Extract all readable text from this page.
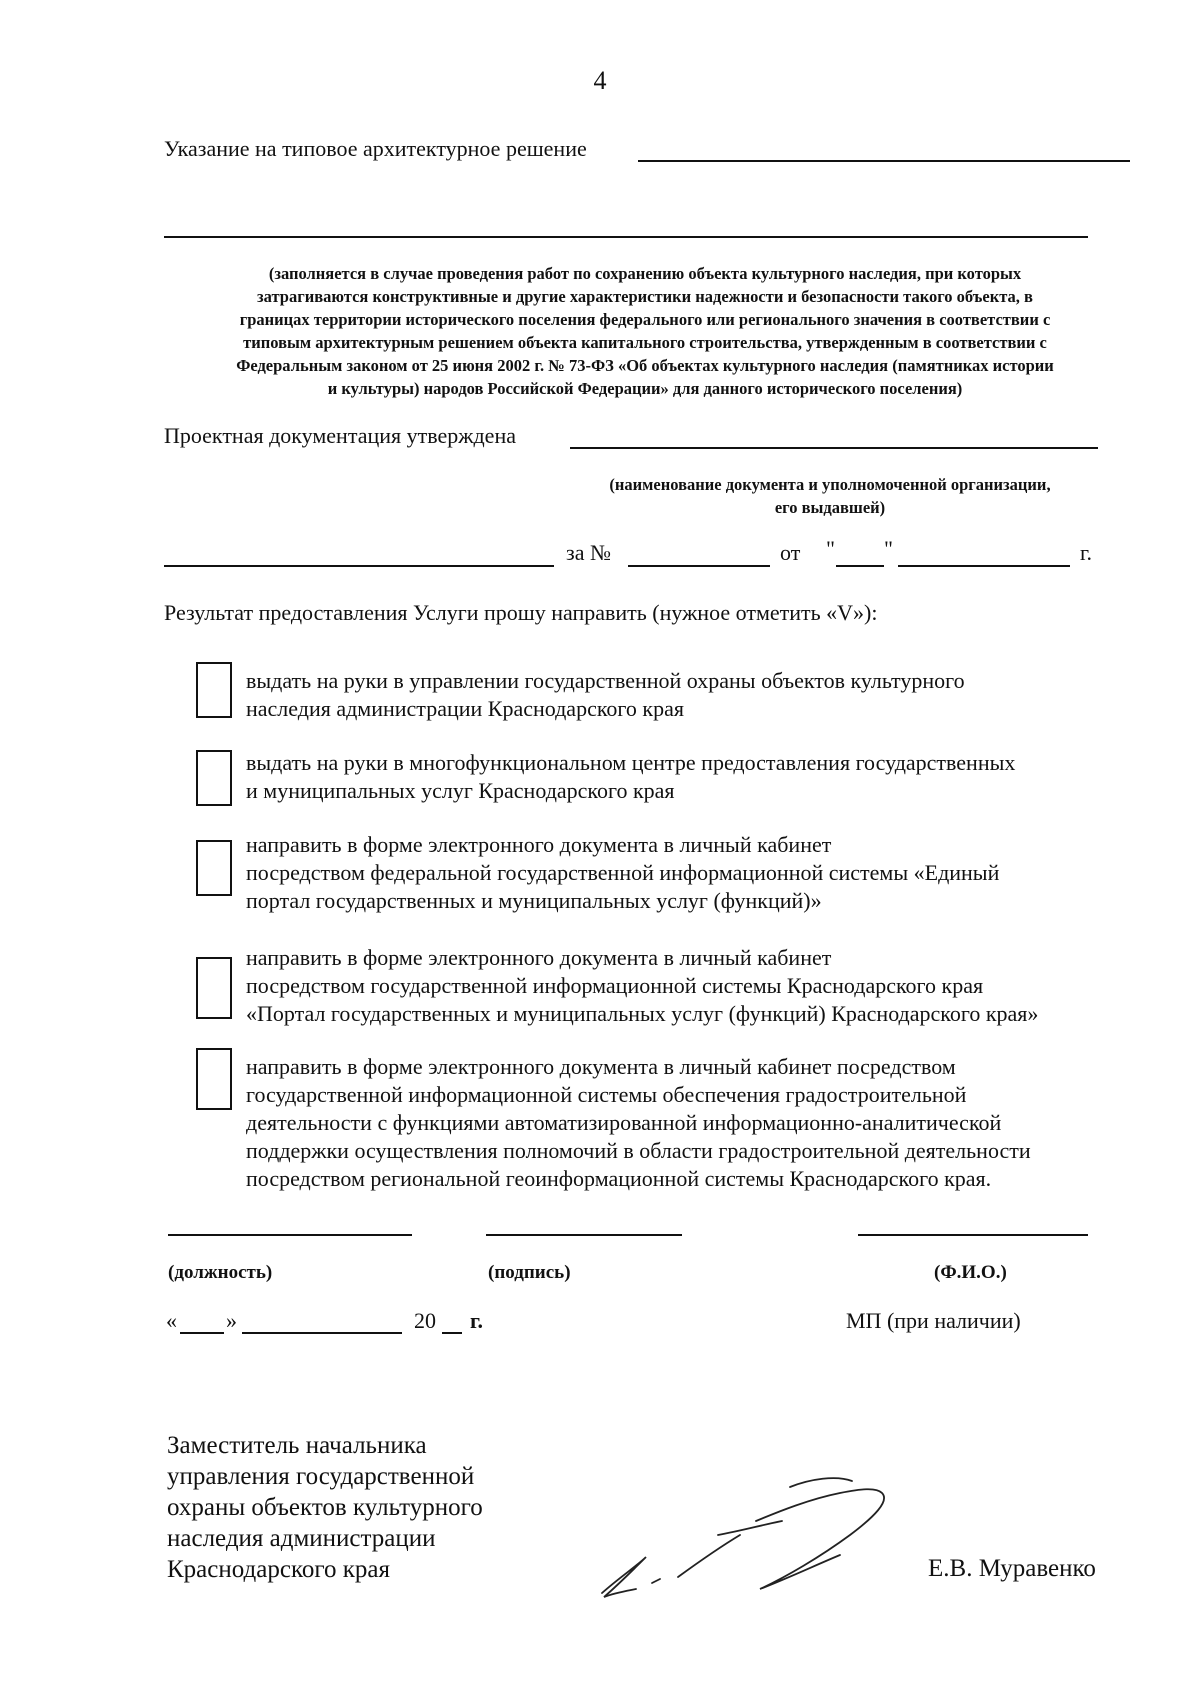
4
Указание на типовое архитектурное решение
(заполняется в случае проведения работ по сохранению объекта культурного наследия, при которых
затрагиваются конструктивные и другие характеристики надежности и безопасности такого объекта, в
границах территории исторического поселения федерального или регионального значения в соответствии с
типовым архитектурным решением объекта капитального строительства, утвержденным в соответствии с
Федеральным законом от 25 июня 2002 г. № 73-ФЗ «Об объектах культурного наследия (памятниках истории
и культуры) народов Российской Федерации» для данного исторического поселения)
Проектная документация утверждена
(наименование документа и уполномоченной организации,
его выдавшей)
за №	от " "	г.
Результат предоставления Услуги прошу направить (нужное отметить «V»):
выдать на руки в управлении государственной охраны объектов культурного
наследия администрации Краснодарского края
выдать на руки в многофункциональном центре предоставления государственных
и муниципальных услуг Краснодарского края
направить в форме электронного документа в личный кабинет
посредством федеральной государственной информационной системы «Единый
портал государственных и муниципальных услуг (функций)»
направить в форме электронного документа в личный кабинет
посредством государственной информационной системы Краснодарского края
«Портал государственных и муниципальных услуг (функций) Краснодарского края»
направить в форме электронного документа в личный кабинет посредством
государственной информационной системы обеспечения градостроительной
деятельности с функциями автоматизированной информационно-аналитической
поддержки осуществления полномочий в области градостроительной деятельности
посредством региональной геоинформационной системы Краснодарского края.
(должность)	(подпись)	(Ф.И.О.)
« »	20 г.	МП (при наличии)
Заместитель начальника
управления государственной
охраны объектов культурного
наследия администрации
Краснодарского края	Е.В. Муравенко
